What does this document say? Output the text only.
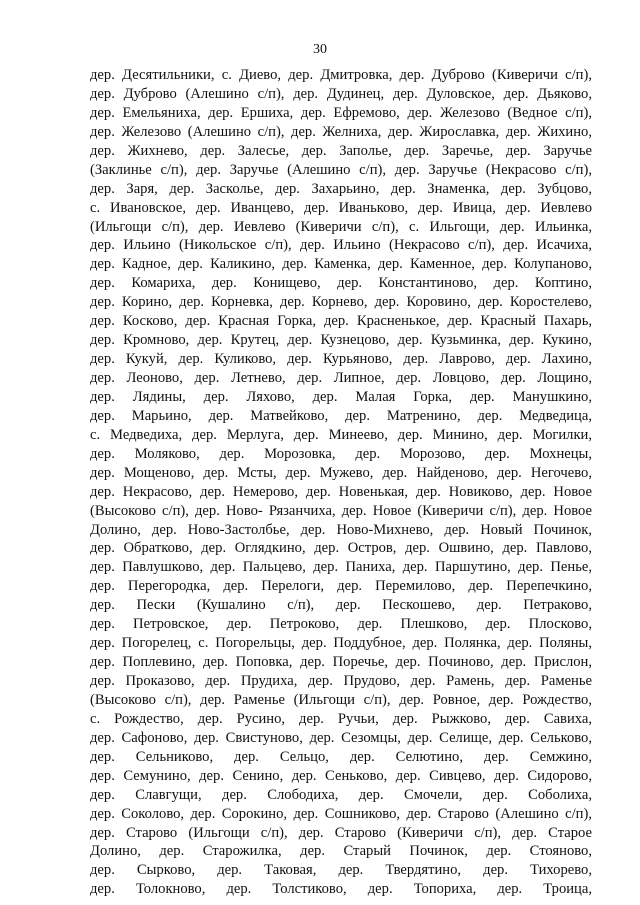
30
дер. Десятильники, с. Диево, дер. Дмитровка, дер. Дуброво (Киверичи с/п),
дер. Дуброво (Алешино с/п), дер. Дудинец, дер. Дуловское, дер. Дьяково,
дер. Емельяниха, дер. Ершиха, дер. Ефремово, дер. Железово (Ведное с/п),
дер. Железово (Алешино с/п), дер. Желниха, дер. Жирославка, дер. Жихино,
дер. Жихнево, дер. Залесье, дер. Заполье, дер. Заречье, дер. Заручье
(Заклинье с/п), дер. Заручье (Алешино с/п), дер. Заручье (Некрасово с/п),
дер. Заря, дер. Засколье, дер. Захарьино, дер. Знаменка, дер. Зубцово,
с. Ивановское, дер. Иванцево, дер. Иваньково, дер. Ивица, дер. Иевлево
(Ильгощи с/п), дер. Иевлево (Киверичи с/п), с. Ильгощи, дер. Ильинка,
дер. Ильино (Никольское с/п), дер. Ильино (Некрасово с/п), дер. Исачиха,
дер. Кадное, дер. Каликино, дер. Каменка, дер. Каменное, дер. Колупаново,
дер. Комариха, дер. Конищево, дер. Константиново, дер. Коптино,
дер. Корино, дер. Корневка, дер. Корнево, дер. Коровино, дер. Коростелево,
дер. Косково, дер. Красная Горка, дер. Красненькое, дер. Красный Пахарь,
дер. Кромново, дер. Крутец, дер. Кузнецово, дер. Кузьминка, дер. Кукино,
дер. Кукуй, дер. Куликово, дер. Курьяново, дер. Лаврово, дер. Лахино,
дер. Леоново, дер. Летнево, дер. Липное, дер. Ловцово, дер. Лощино,
дер. Лядины, дер. Ляхово, дер. Малая Горка, дер. Манушкино,
дер. Марьино, дер. Матвейково, дер. Матренино, дер. Медведица,
с. Медведиха, дер. Мерлуга, дер. Минеево, дер. Минино, дер. Могилки,
дер. Моляково, дер. Морозовка, дер. Морозово, дер. Мохнецы,
дер. Мощеново, дер. Мсты, дер. Мужево, дер. Найденово, дер. Негочево,
дер. Некрасово, дер. Немерово, дер. Новенькая, дер. Новиково, дер. Новое
(Высоково с/п), дер. Ново- Рязанчиха, дер. Новое (Киверичи с/п), дер. Новое
Долино, дер. Ново-Застолбье, дер. Ново-Михнево, дер. Новый Починок,
дер. Обратково, дер. Оглядкино, дер. Остров, дер. Ошвино, дер. Павлово,
дер. Павлушково, дер. Пальцево, дер. Паниха, дер. Паршутино, дер. Пенье,
дер. Перегородка, дер. Перелоги, дер. Перемилово, дер. Перепечкино,
дер. Пески (Кушалино с/п), дер. Пескошево, дер. Петраково,
дер. Петровское, дер. Петроково, дер. Плешково, дер. Плосково,
дер. Погорелец, с. Погорельцы, дер. Поддубное, дер. Полянка, дер. Поляны,
дер. Поплевино, дер. Поповка, дер. Поречье, дер. Починово, дер. Прислон,
дер. Проказово, дер. Прудиха, дер. Прудово, дер. Рамень, дер. Раменье
(Высоково с/п), дер. Раменье (Ильгощи с/п), дер. Ровное, дер. Рождество,
с. Рождество, дер. Русино, дер. Ручьи, дер. Рыжково, дер. Савиха,
дер. Сафоново, дер. Свистуново, дер. Сезомцы, дер. Селище, дер. Сельково,
дер. Сельниково, дер. Сельцо, дер. Селютино, дер. Семжино,
дер. Семунино, дер. Сенино, дер. Сеньково, дер. Сивцево, дер. Сидорово,
дер. Славгущи, дер. Слободиха, дер. Смочели, дер. Соболиха,
дер. Соколово, дер. Сорокино, дер. Сошниково, дер. Старово (Алешино с/п),
дер. Старово (Ильгощи с/п), дер. Старово (Киверичи с/п), дер. Старое
Долино, дер. Старожилка, дер. Старый Починок, дер. Стояново,
дер. Сырково, дер. Таковая, дер. Твердятино, дер. Тихорево,
дер. Толокново, дер. Толстиково, дер. Топориха, дер. Троица,
